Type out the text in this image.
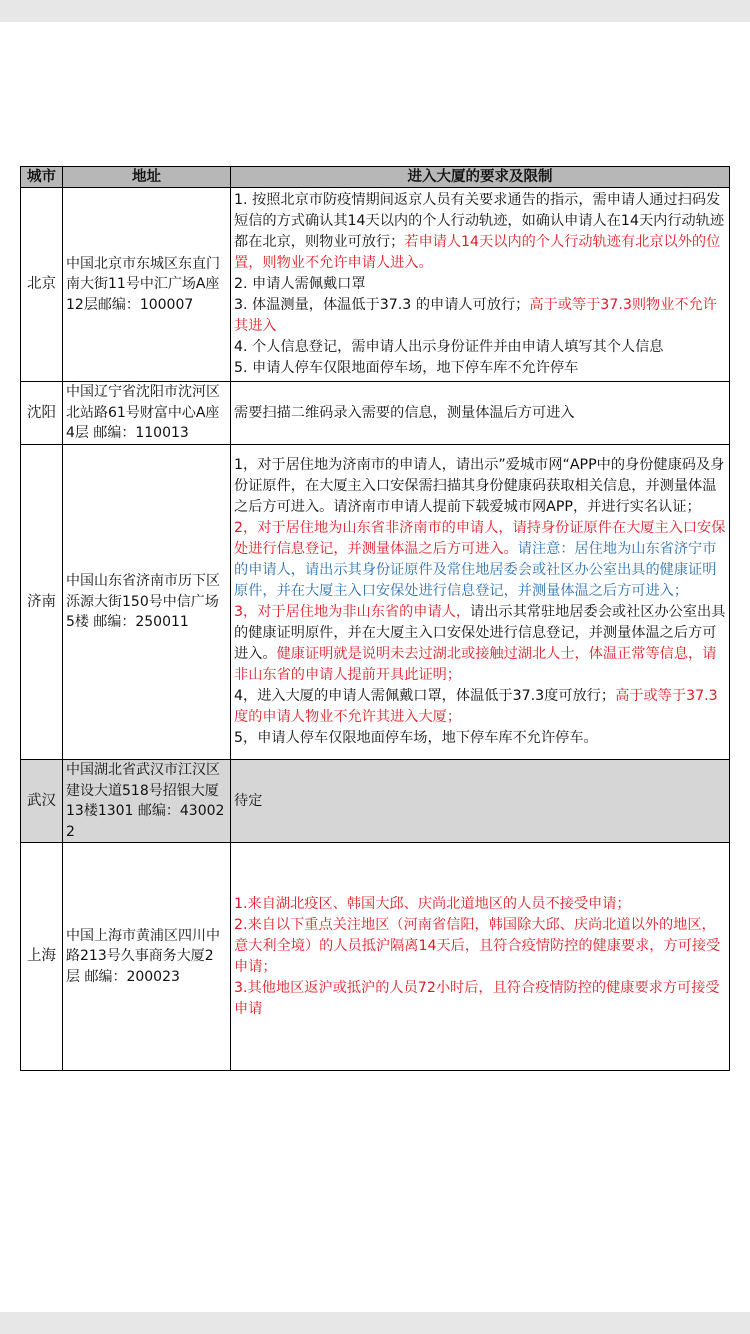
城市	地址	进入大厦的要求及限制
北京	中国北京市东城区东直门南大街11号中汇广场A座12层邮编：100007	1. 按照北京市防疫情期间返京人员有关要求通告的指示，需申请人通过扫码发短信的方式确认其14天以内的个人行动轨迹，如确认申请人在14天内行动轨迹都在北京，则物业可放行；若申请人14天以内的个人行动轨迹有北京以外的位置，则物业不允许申请人进入。
2. 申请人需佩戴口罩
3. 体温测量，体温低于37.3 的申请人可放行；高于或等于37.3则物业不允许其进入
4. 个人信息登记，需申请人出示身份证件并由申请人填写其个人信息
5. 申请人停车仅限地面停车场，地下停车库不允许停车

沈阳	中国辽宁省沈阳市沈河区北站路61号财富中心A座4层 邮编：110013	需要扫描二维码录入需要的信息，测量体温后方可进入
济南	中国山东省济南市历下区泺源大街150号中信广场5楼 邮编：250011	1，对于居住地为济南市的申请人，请出示”爱城市网“APP中的身份健康码及身份证原件，在大厦主入口安保需扫描其身份健康码获取相关信息，并测量体温之后方可进入。请济南市申请人提前下载爱城市网APP，并进行实名认证；
2，对于居住地为山东省非济南市的申请人，请持身份证原件在大厦主入口安保处进行信息登记，并测量体温之后方可进入。请注意：居住地为山东省济宁市的申请人，请出示其身份证原件及常住地居委会或社区办公室出具的健康证明原件，并在大厦主入口安保处进行信息登记，并测量体温之后方可进入；
3，对于居住地为非山东省的申请人，请出示其常驻地居委会或社区办公室出具的健康证明原件，并在大厦主入口安保处进行信息登记，并测量体温之后方可进入。健康证明就是说明未去过湖北或接触过湖北人士，体温正常等信息，请非山东省的申请人提前开具此证明；
4，进入大厦的申请人需佩戴口罩，体温低于37.3度可放行；高于或等于37.3度的申请人物业不允许其进入大厦；
5，申请人停车仅限地面停车场，地下停车库不允许停车。

武汉	中国湖北省武汉市江汉区建设大道518号招银大厦13楼1301 邮编：430022	待定
上海	中国上海市黄浦区四川中路213号久事商务大厦2层 邮编：200023	1.来自湖北疫区、韩国大邱、庆尚北道地区的人员不接受申请；
2.来自以下重点关注地区（河南省信阳，韩国除大邱、庆尚北道以外的地区，意大利全境）的人员抵沪隔离14天后，且符合疫情防控的健康要求，方可接受申请；
3.其他地区返沪或抵沪的人员72小时后，且符合疫情防控的健康要求方可接受申请
